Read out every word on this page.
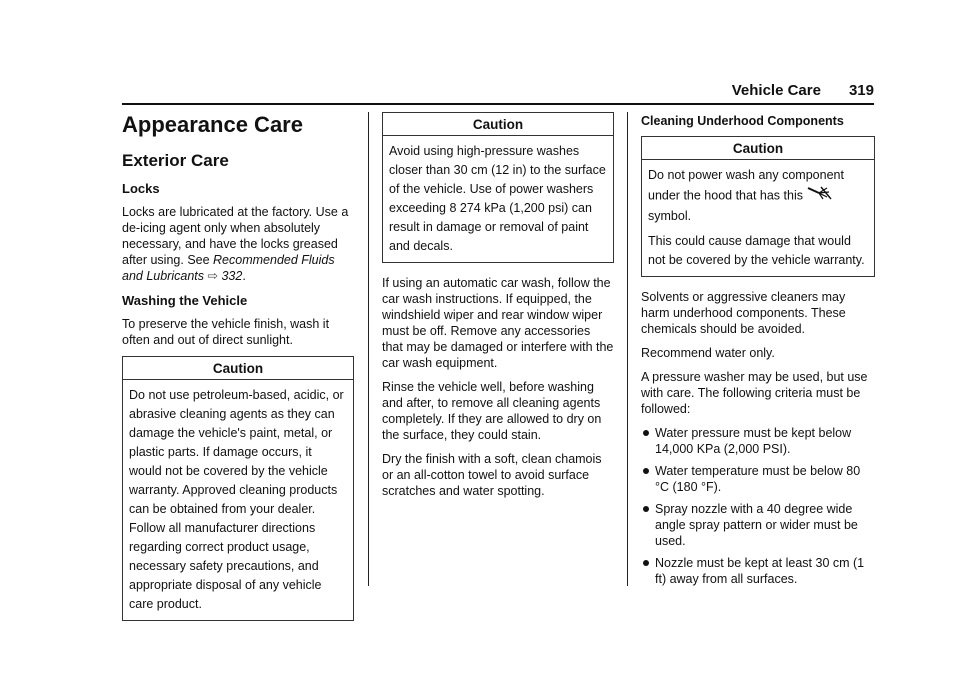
Vehicle Care 319
Appearance Care
Exterior Care
Locks

Locks are lubricated at the factory. Use a de-icing agent only when absolutely necessary, and have the locks greased after using. See Recommended Fluids and Lubricants ⇨ 332.

Washing the Vehicle

To preserve the vehicle finish, wash it often and out of direct sunlight.

Caution

Do not use petroleum-based, acidic, or abrasive cleaning agents as they can damage the vehicle's paint, metal, or plastic parts. If damage occurs, it would not be covered by the vehicle warranty. Approved cleaning products can be obtained from your dealer. Follow all manufacturer directions regarding correct product usage, necessary safety precautions, and appropriate disposal of any vehicle care product.

Caution

Avoid using high-pressure washes closer than 30 cm (12 in) to the surface of the vehicle. Use of power washers exceeding 8 274 kPa (1,200 psi) can result in damage or removal of paint and decals.

If using an automatic car wash, follow the car wash instructions. If equipped, the windshield wiper and rear window wiper must be off. Remove any accessories that may be damaged or interfere with the car wash equipment.

Rinse the vehicle well, before washing and after, to remove all cleaning agents completely. If they are allowed to dry on the surface, they could stain.

Dry the finish with a soft, clean chamois or an all-cotton towel to avoid surface scratches and water spotting.

Cleaning Underhood Components
Caution

Do not power wash any component under the hood that has this
symbol.

This could cause damage that would not be covered by the vehicle warranty.

Solvents or aggressive cleaners may harm underhood components. These chemicals should be avoided.

Recommend water only.

A pressure washer may be used, but use with care. The following criteria must be followed:

Water pressure must be kept below 14,000 KPa (2,000 PSI).
Water temperature must be below 80 °C (180 °F).
Spray nozzle with a 40 degree wide angle spray pattern or wider must be used.
Nozzle must be kept at least 30 cm (1 ft) away from all surfaces.
